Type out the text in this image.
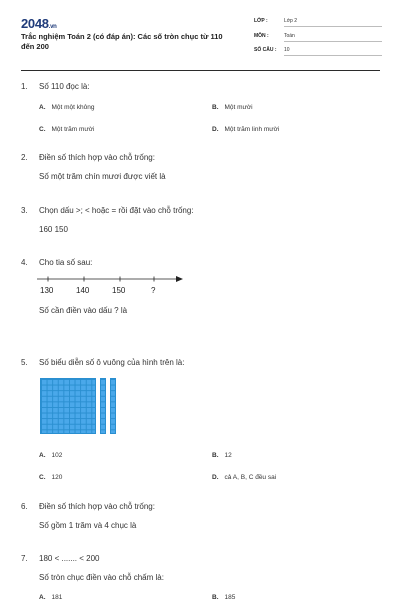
2048.vn
Trắc nghiệm Toán 2 (có đáp án): Các số tròn chục từ 110 đến 200
LỚP :	Lớp 2
MÔN :	Toán
SỐ CÂU :	10
1. Số 110 đọc là:
A. Một một không	B. Một mười
C. Một trăm mười	D. Một trăm linh mười
2. Điền số thích hợp vào chỗ trống:
Số một trăm chín mươi được viết là
3. Chọn dấu >; < hoặc = rồi đặt vào chỗ trống:
160 150
4. Cho tia số sau:
130	140	150	?
Số cần điền vào dấu ? là
5. Số biểu diễn số ô vuông của hình trên là:
A. 102	B. 12
C. 120	D. cả A, B, C đều sai
6. Điền số thích hợp vào chỗ trống:
Số gồm 1 trăm và 4 chục là
7. 180 < ....... < 200
Số tròn chục điền vào chỗ chấm là:
A. 181	B. 185
